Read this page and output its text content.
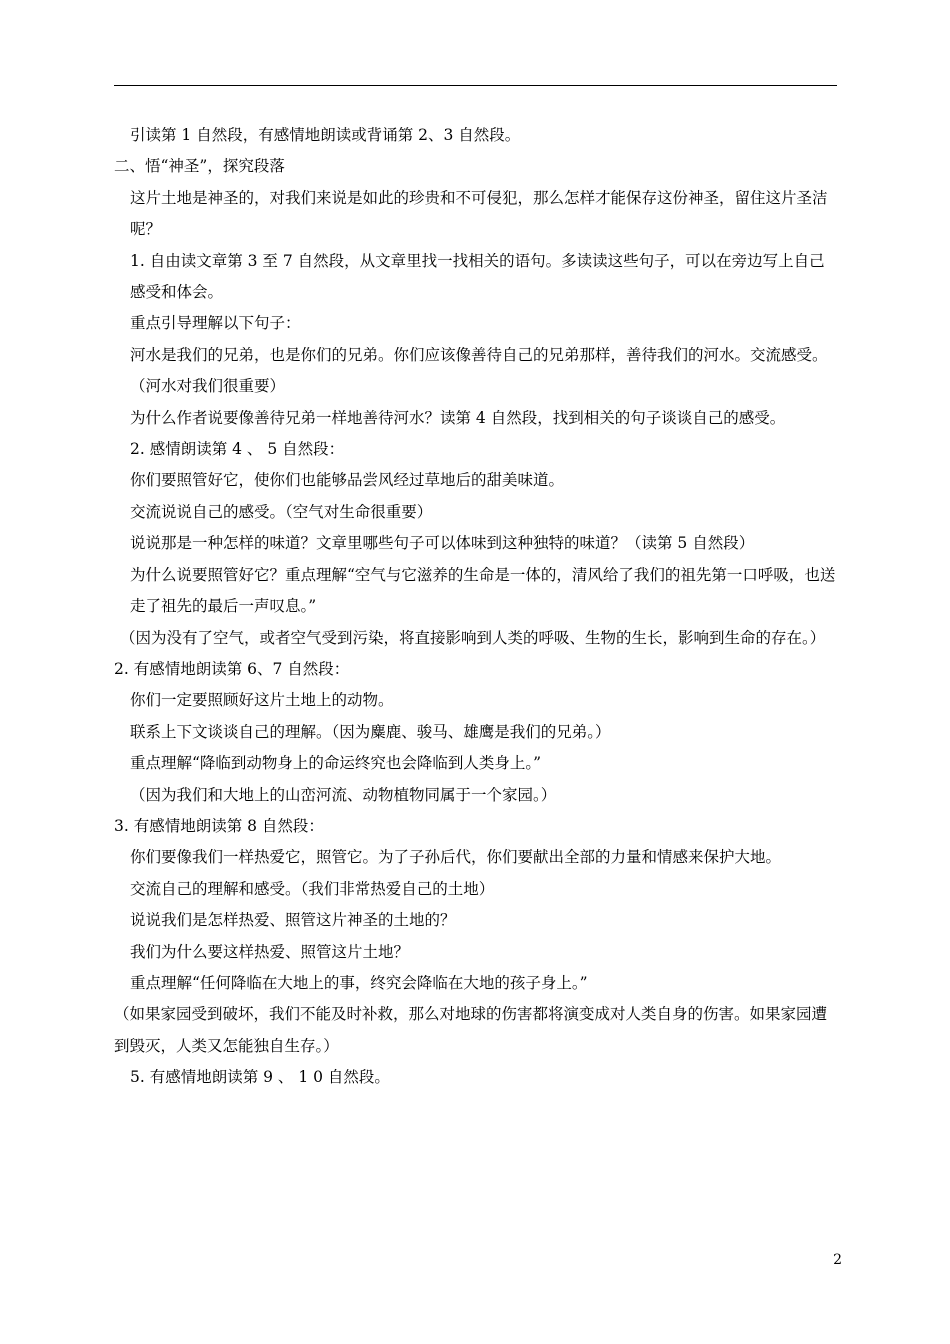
引读第 1 自然段，有感情地朗读或背诵第 2、3 自然段。

二、悟“神圣”，探究段落

这片土地是神圣的，对我们来说是如此的珍贵和不可侵犯，那么怎样才能保存这份神圣，留住这片圣洁呢？

1. 自由读文章第 3 至 7 自然段，从文章里找一找相关的语句。多读读这些句子，可以在旁边写上自己感受和体会。

重点引导理解以下句子：

河水是我们的兄弟，也是你们的兄弟。你们应该像善待自己的兄弟那样，善待我们的河水。交流感受。（河水对我们很重要）

为什么作者说要像善待兄弟一样地善待河水？读第 4 自然段，找到相关的句子谈谈自己的感受。

2. 感情朗读第 4 、 5 自然段：

你们要照管好它，使你们也能够品尝风经过草地后的甜美味道。

交流说说自己的感受。（空气对生命很重要）

说说那是一种怎样的味道？文章里哪些句子可以体味到这种独特的味道？（读第 5 自然段）

为什么说要照管好它？重点理解“空气与它滋养的生命是一体的，清风给了我们的祖先第一口呼吸，也送走了祖先的最后一声叹息。”

（因为没有了空气，或者空气受到污染，将直接影响到人类的呼吸、生物的生长，影响到生命的存在。）

2. 有感情地朗读第 6、7 自然段：

你们一定要照顾好这片土地上的动物。

联系上下文谈谈自己的理解。（因为麋鹿、骏马、雄鹰是我们的兄弟。）

重点理解“降临到动物身上的命运终究也会降临到人类身上。”

（因为我们和大地上的山峦河流、动物植物同属于一个家园。）

3. 有感情地朗读第 8 自然段：

你们要像我们一样热爱它，照管它。为了子孙后代，你们要献出全部的力量和情感来保护大地。

交流自己的理解和感受。（我们非常热爱自己的土地）

说说我们是怎样热爱、照管这片神圣的土地的？

我们为什么要这样热爱、照管这片土地？

重点理解“任何降临在大地上的事，终究会降临在大地的孩子身上。”

（如果家园受到破坏，我们不能及时补救，那么对地球的伤害都将演变成对人类自身的伤害。如果家园遭到毁灭，人类又怎能独自生存。）

5. 有感情地朗读第 9 、 1 0 自然段。

2
